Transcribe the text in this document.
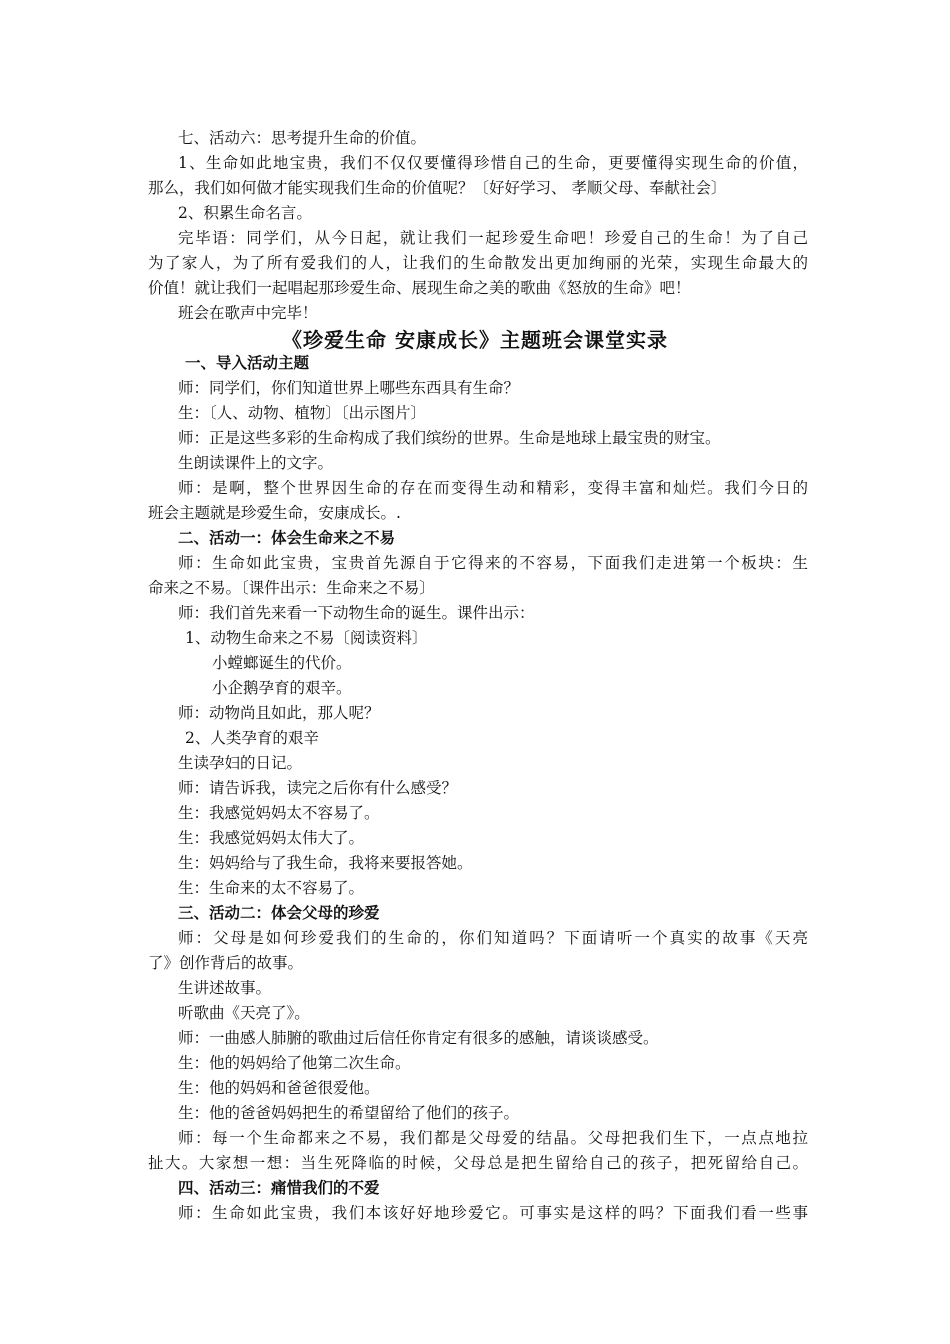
七、活动六：思考提升生命的价值。
1、生命如此地宝贵，我们不仅仅要懂得珍惜自己的生命，更要懂得实现生命的价值，
那么，我们如何做才能实现我们生命的价值呢？〔好好学习、 孝顺父母、奉献社会〕
2、积累生命名言。
完毕语：同学们，从今日起，就让我们一起珍爱生命吧！珍爱自己的生命！为了自己
为了家人，为了所有爱我们的人，让我们的生命散发出更加绚丽的光荣，实现生命最大的
价值！就让我们一起唱起那珍爱生命、展现生命之美的歌曲《怒放的生命》吧！
班会在歌声中完毕！
《珍爱生命 安康成长》主题班会课堂实录
一、导入活动主题
师：同学们，你们知道世界上哪些东西具有生命？
生：〔人、动物、植物〕〔出示图片〕
师：正是这些多彩的生命构成了我们缤纷的世界。生命是地球上最宝贵的财宝。
生朗读课件上的文字。
师：是啊，整个世界因生命的存在而变得生动和精彩，变得丰富和灿烂。我们今日的
班会主题就是珍爱生命，安康成长。.
二、活动一：体会生命来之不易
师：生命如此宝贵，宝贵首先源自于它得来的不容易，下面我们走进第一个板块：生
命来之不易。〔课件出示：生命来之不易〕
师：我们首先来看一下动物生命的诞生。课件出示：
1、动物生命来之不易〔阅读资料〕
小螳螂诞生的代价。
小企鹅孕育的艰辛。
师：动物尚且如此，那人呢？
2、人类孕育的艰辛
生读孕妇的日记。
师：请告诉我，读完之后你有什么感受？
生：我感觉妈妈太不容易了。
生：我感觉妈妈太伟大了。
生：妈妈给与了我生命，我将来要报答她。
生：生命来的太不容易了。
三、活动二：体会父母的珍爱
师：父母是如何珍爱我们的生命的，你们知道吗？下面请听一个真实的故事《天亮
了》创作背后的故事。
生讲述故事。
听歌曲《天亮了》。
师：一曲感人肺腑的歌曲过后信任你肯定有很多的感触，请谈谈感受。
生：他的妈妈给了他第二次生命。
生：他的妈妈和爸爸很爱他。
生：他的爸爸妈妈把生的希望留给了他们的孩子。
师：每一个生命都来之不易，我们都是父母爱的结晶。父母把我们生下，一点点地拉
扯大。大家想一想：当生死降临的时候，父母总是把生留给自己的孩子，把死留给自己。
四、活动三：痛惜我们的不爱
师：生命如此宝贵，我们本该好好地珍爱它。可事实是这样的吗？下面我们看一些事
